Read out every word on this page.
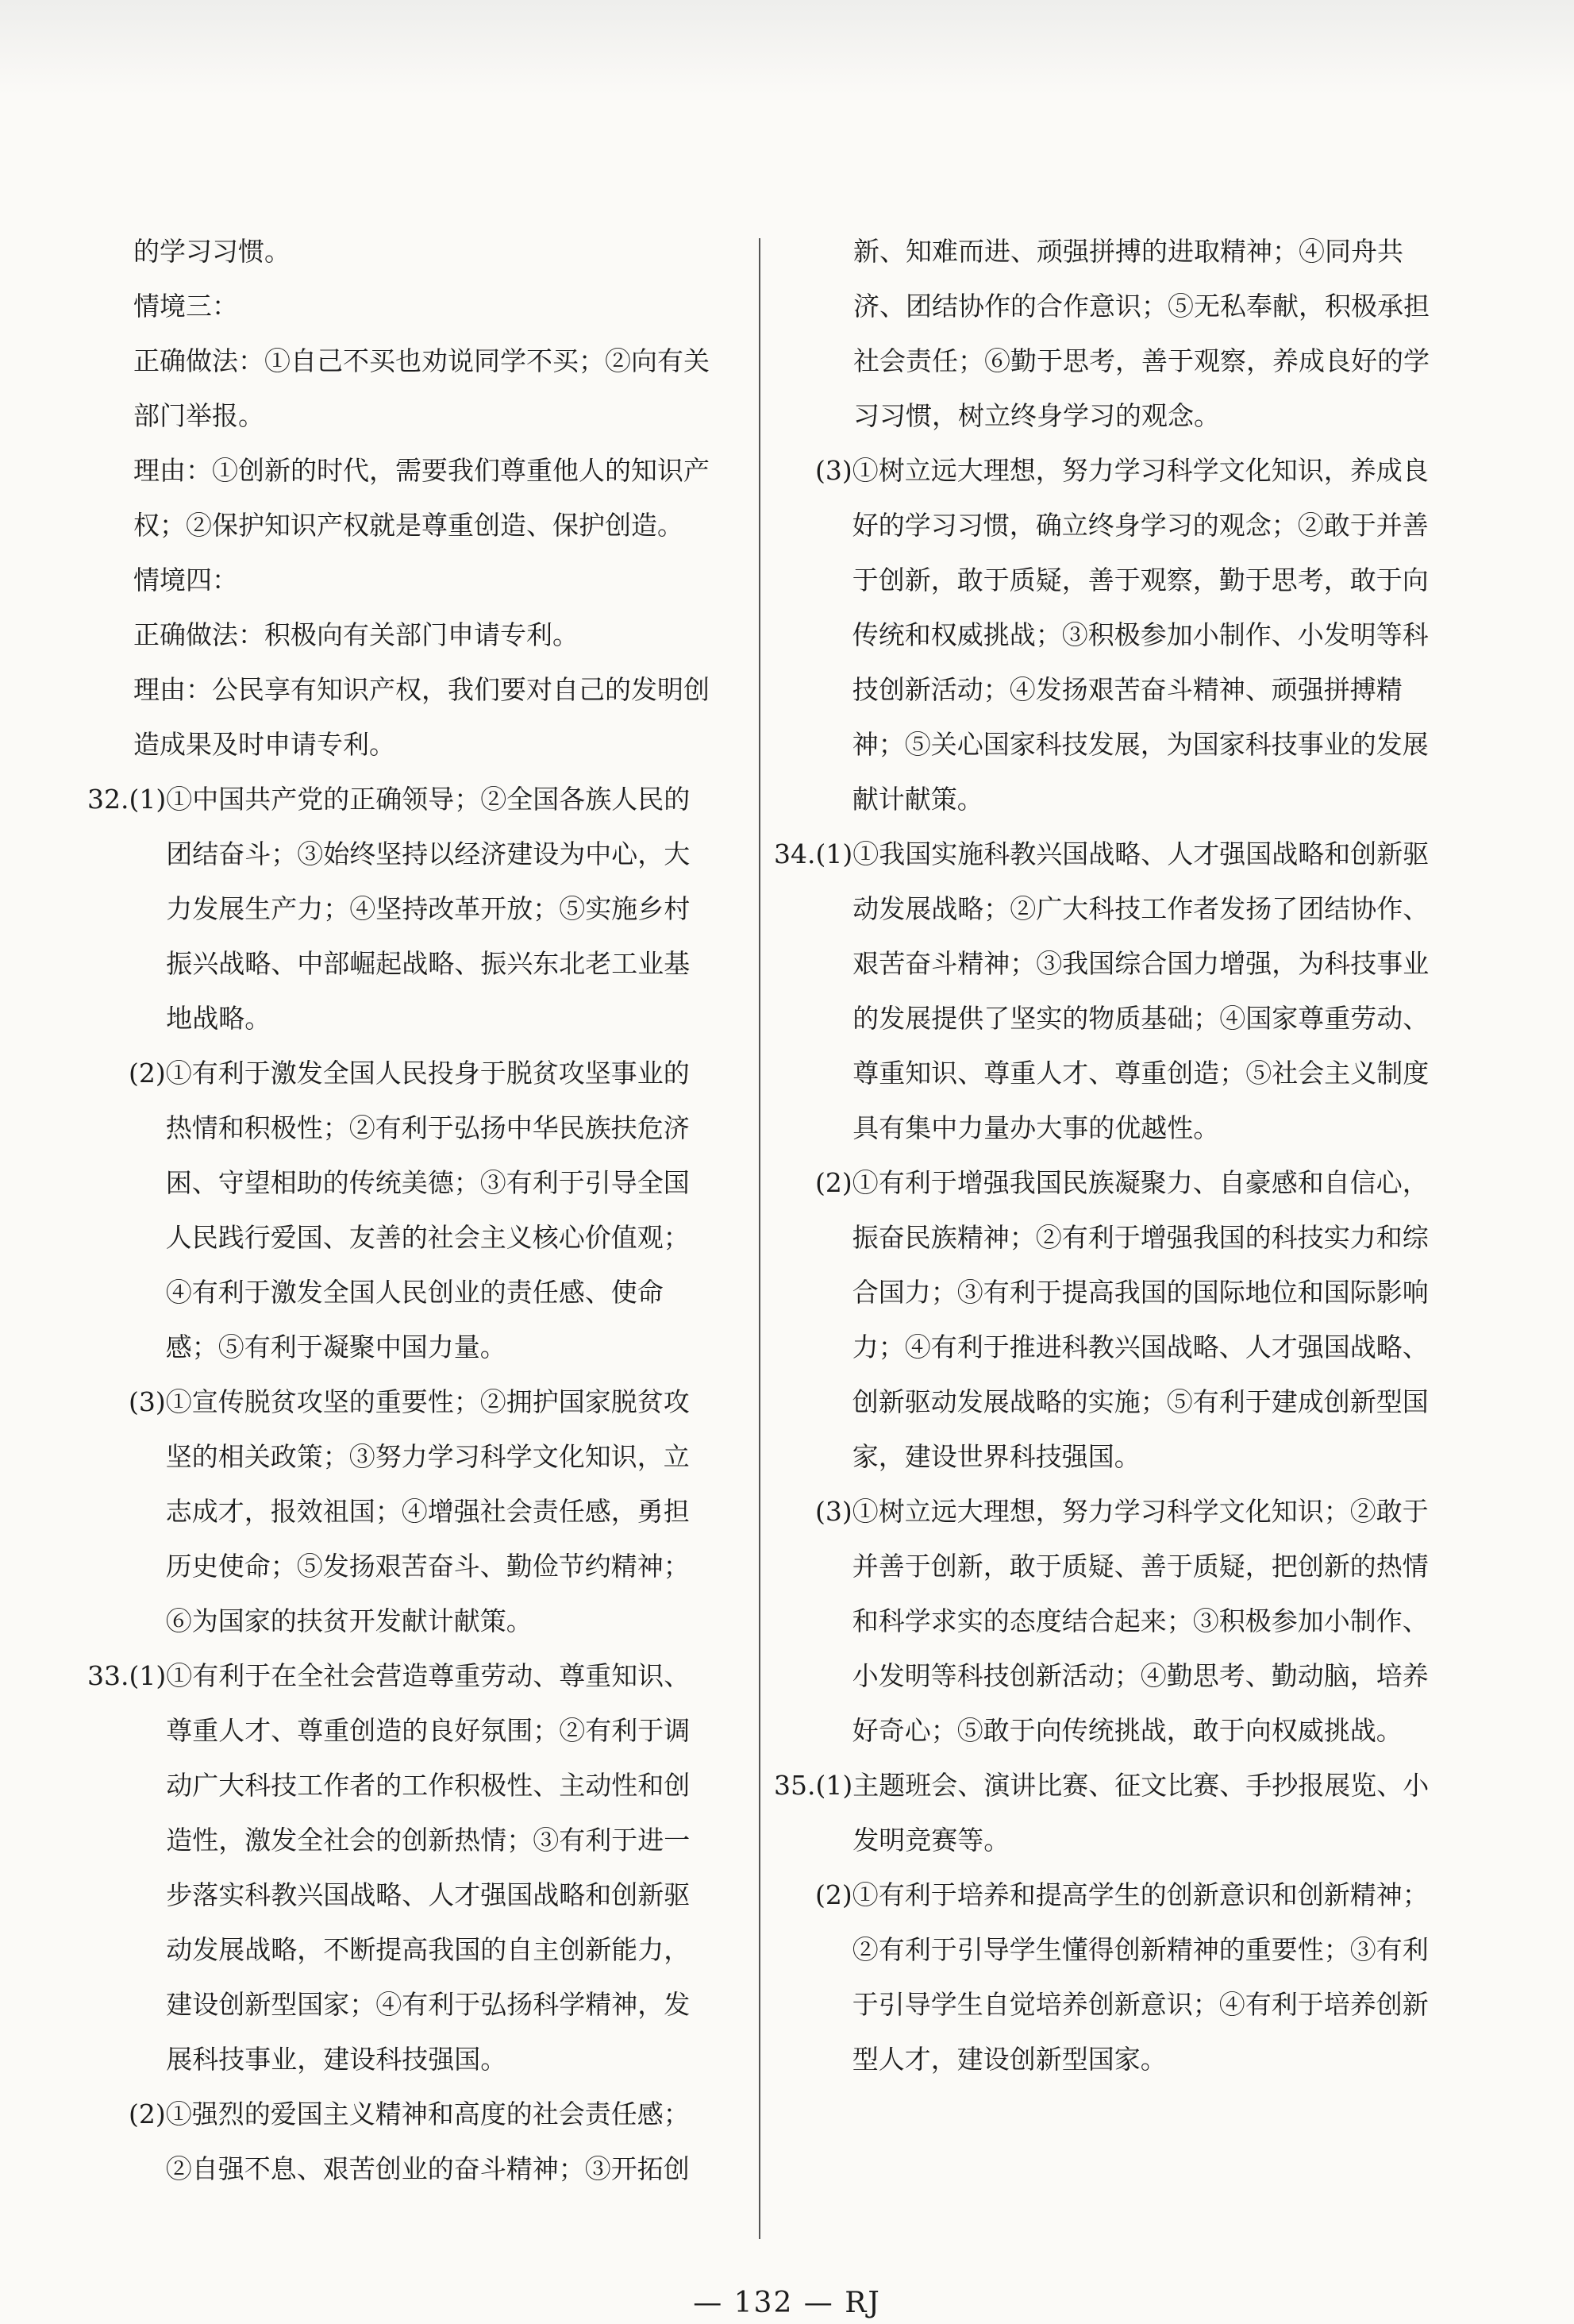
的学习习惯。

情境三：

正确做法：①自己不买也劝说同学不买；②向有关部门举报。

理由：①创新的时代，需要我们尊重他人的知识产权；②保护知识产权就是尊重创造、保护创造。

情境四：

正确做法：积极向有关部门申请专利。

理由：公民享有知识产权，我们要对自己的发明创造成果及时申请专利。

32. (1) ①中国共产党的正确领导；②全国各族人民的团结奋斗；③始终坚持以经济建设为中心，大力发展生产力；④坚持改革开放；⑤实施乡村振兴战略、中部崛起战略、振兴东北老工业基地战略。
(2) ①有利于激发全国人民投身于脱贫攻坚事业的热情和积极性；②有利于弘扬中华民族扶危济困、守望相助的传统美德；③有利于引导全国人民践行爱国、友善的社会主义核心价值观；④有利于激发全国人民创业的责任感、使命感；⑤有利于凝聚中国力量。
(3) ①宣传脱贫攻坚的重要性；②拥护国家脱贫攻坚的相关政策；③努力学习科学文化知识，立志成才，报效祖国；④增强社会责任感，勇担历史使命；⑤发扬艰苦奋斗、勤俭节约精神；⑥为国家的扶贫开发献计献策。
33. (1) ①有利于在全社会营造尊重劳动、尊重知识、尊重人才、尊重创造的良好氛围；②有利于调动广大科技工作者的工作积极性、主动性和创造性，激发全社会的创新热情；③有利于进一步落实科教兴国战略、人才强国战略和创新驱动发展战略，不断提高我国的自主创新能力，建设创新型国家；④有利于弘扬科学精神，发展科技事业，建设科技强国。
(2) ①强烈的爱国主义精神和高度的社会责任感；②自强不息、艰苦创业的奋斗精神；③开拓创
新、知难而进、顽强拼搏的进取精神；④同舟共济、团结协作的合作意识；⑤无私奉献，积极承担社会责任；⑥勤于思考，善于观察，养成良好的学习习惯，树立终身学习的观念。
(3) ①树立远大理想，努力学习科学文化知识，养成良好的学习习惯，确立终身学习的观念；②敢于并善于创新，敢于质疑，善于观察，勤于思考，敢于向传统和权威挑战；③积极参加小制作、小发明等科技创新活动；④发扬艰苦奋斗精神、顽强拼搏精神；⑤关心国家科技发展，为国家科技事业的发展献计献策。
34. (1) ①我国实施科教兴国战略、人才强国战略和创新驱动发展战略；②广大科技工作者发扬了团结协作、艰苦奋斗精神；③我国综合国力增强，为科技事业的发展提供了坚实的物质基础；④国家尊重劳动、尊重知识、尊重人才、尊重创造；⑤社会主义制度具有集中力量办大事的优越性。
(2) ①有利于增强我国民族凝聚力、自豪感和自信心，振奋民族精神；②有利于增强我国的科技实力和综合国力；③有利于提高我国的国际地位和国际影响力；④有利于推进科教兴国战略、人才强国战略、创新驱动发展战略的实施；⑤有利于建成创新型国家，建设世界科技强国。
(3) ①树立远大理想，努力学习科学文化知识；②敢于并善于创新，敢于质疑、善于质疑，把创新的热情和科学求实的态度结合起来；③积极参加小制作、小发明等科技创新活动；④勤思考、勤动脑，培养好奇心；⑤敢于向传统挑战，敢于向权威挑战。
35. (1) 主题班会、演讲比赛、征文比赛、手抄报展览、小发明竞赛等。
(2) ①有利于培养和提高学生的创新意识和创新精神；②有利于引导学生懂得创新精神的重要性；③有利于引导学生自觉培养创新意识；④有利于培养创新型人才，建设创新型国家。
— 132 — RJ
